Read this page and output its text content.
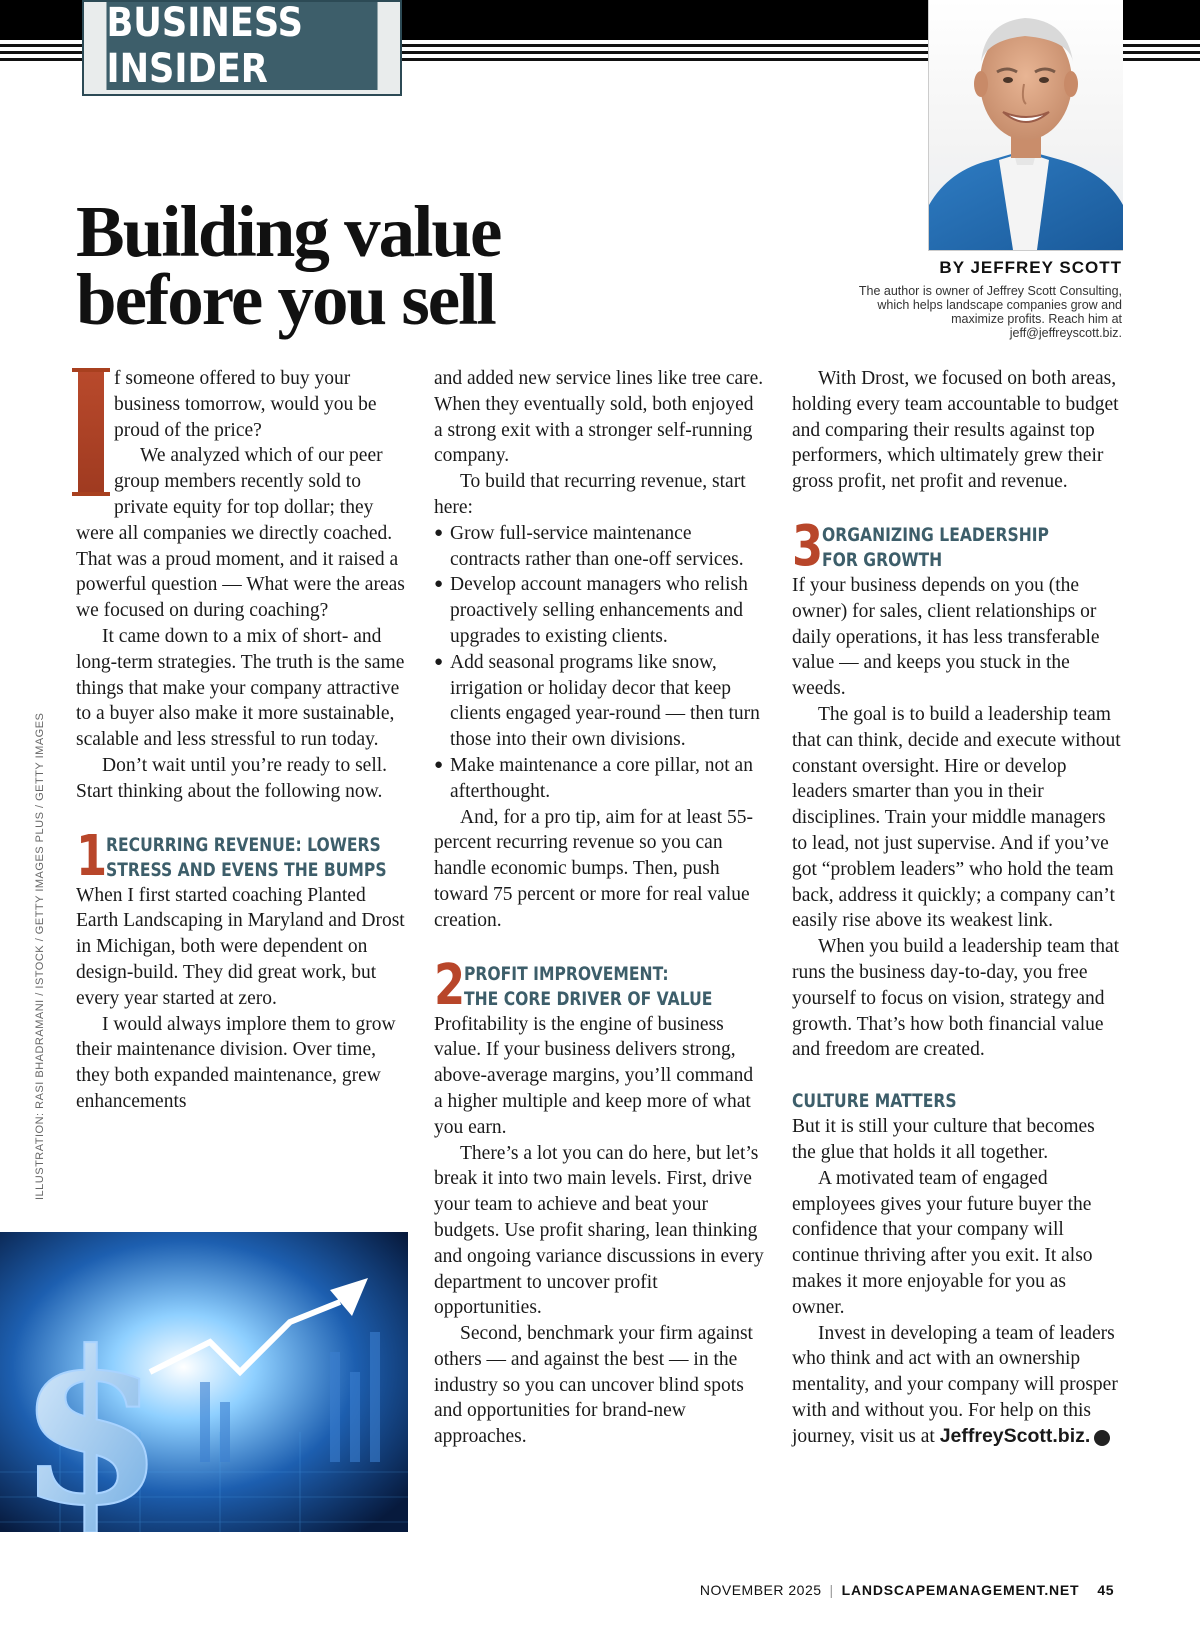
BUSINESS INSIDER
Building value
before you sell	BY JEFFREY SCOTT
The author is owner of Jeffrey Scott Consulting, which helps landscape companies grow and maximize profits. Reach him at jeff@jeffreyscott.biz.
ILLUSTRATION: RASI BHADRAMANI / ISTOCK / GETTY IMAGES PLUS / GETTY IMAGES

f someone offered to buy your business tomorrow, would you be proud of the price?

We analyzed which of our peer group members recently sold to private equity for top dollar; they were all companies we directly coached. That was a proud moment, and it raised a powerful question — What were the areas we focused on during coaching?

It came down to a mix of short- and long-term strategies. The truth is the same things that make your company attractive to a buyer also make it more sustainable, scalable and less stressful to run today.

Don’t wait until you’re ready to sell. Start thinking about the following now.

1
RECURRING REVENUE: LOWERS
STRESS AND EVENS THE BUMPS

When I first started coaching Planted Earth Landscaping in Maryland and Drost in Michigan, both were dependent on design-build. They did great work, but every year started at zero.

I would always implore them to grow their maintenance division. Over time, they both expanded maintenance, grew enhancements

$

and added new service lines like tree care. When they eventually sold, both enjoyed a strong exit with a stronger self-running company.

To build that recurring revenue, start here:

● Grow full-service maintenance contracts rather than one-off services.
● Develop account managers who relish proactively selling enhancements and upgrades to existing clients.
● Add seasonal programs like snow, irrigation or holiday decor that keep clients engaged year-round — then turn those into their own divisions.
● Make maintenance a core pillar, not an afterthought.

And, for a pro tip, aim for at least 55-percent recurring revenue so you can handle economic bumps. Then, push toward 75 percent or more for real value creation.

2
PROFIT IMPROVEMENT:
THE CORE DRIVER OF VALUE

Profitability is the engine of business value. If your business delivers strong, above-average margins, you’ll command a higher multiple and keep more of what you earn.

There’s a lot you can do here, but let’s break it into two main levels. First, drive your team to achieve and beat your budgets. Use profit sharing, lean thinking and ongoing variance discussions in every department to uncover profit opportunities.

Second, benchmark your firm against others — and against the best — in the industry so you can uncover blind spots and opportunities for brand-new approaches.

With Drost, we focused on both areas, holding every team accountable to budget and comparing their results against top performers, which ultimately grew their gross profit, net profit and revenue.

3
ORGANIZING LEADERSHIP
FOR GROWTH

If your business depends on you (the owner) for sales, client relationships or daily operations, it has less transferable value — and keeps you stuck in the weeds.

The goal is to build a leadership team that can think, decide and execute without constant oversight. Hire or develop leaders smarter than you in their disciplines. Train your middle managers to lead, not just supervise. And if you’ve got “problem leaders” who hold the team back, address it quickly; a company can’t easily rise above its weakest link.

When you build a leadership team that runs the business day-to-day, you free yourself to focus on vision, strategy and growth. That’s how both financial value and freedom are created.

CULTURE MATTERS

But it is still your culture that becomes the glue that holds it all together.

A motivated team of engaged employees gives your future buyer the confidence that your company will continue thriving after you exit. It also makes it more enjoyable for you as owner.

Invest in developing a team of leaders who think and act with an ownership mentality, and your company will prosper with and without you. For help on this journey, visit us at JeffreyScott.biz.	LM

NOVEMBER 2025 | LANDSCAPEMANAGEMENT.NET 45
